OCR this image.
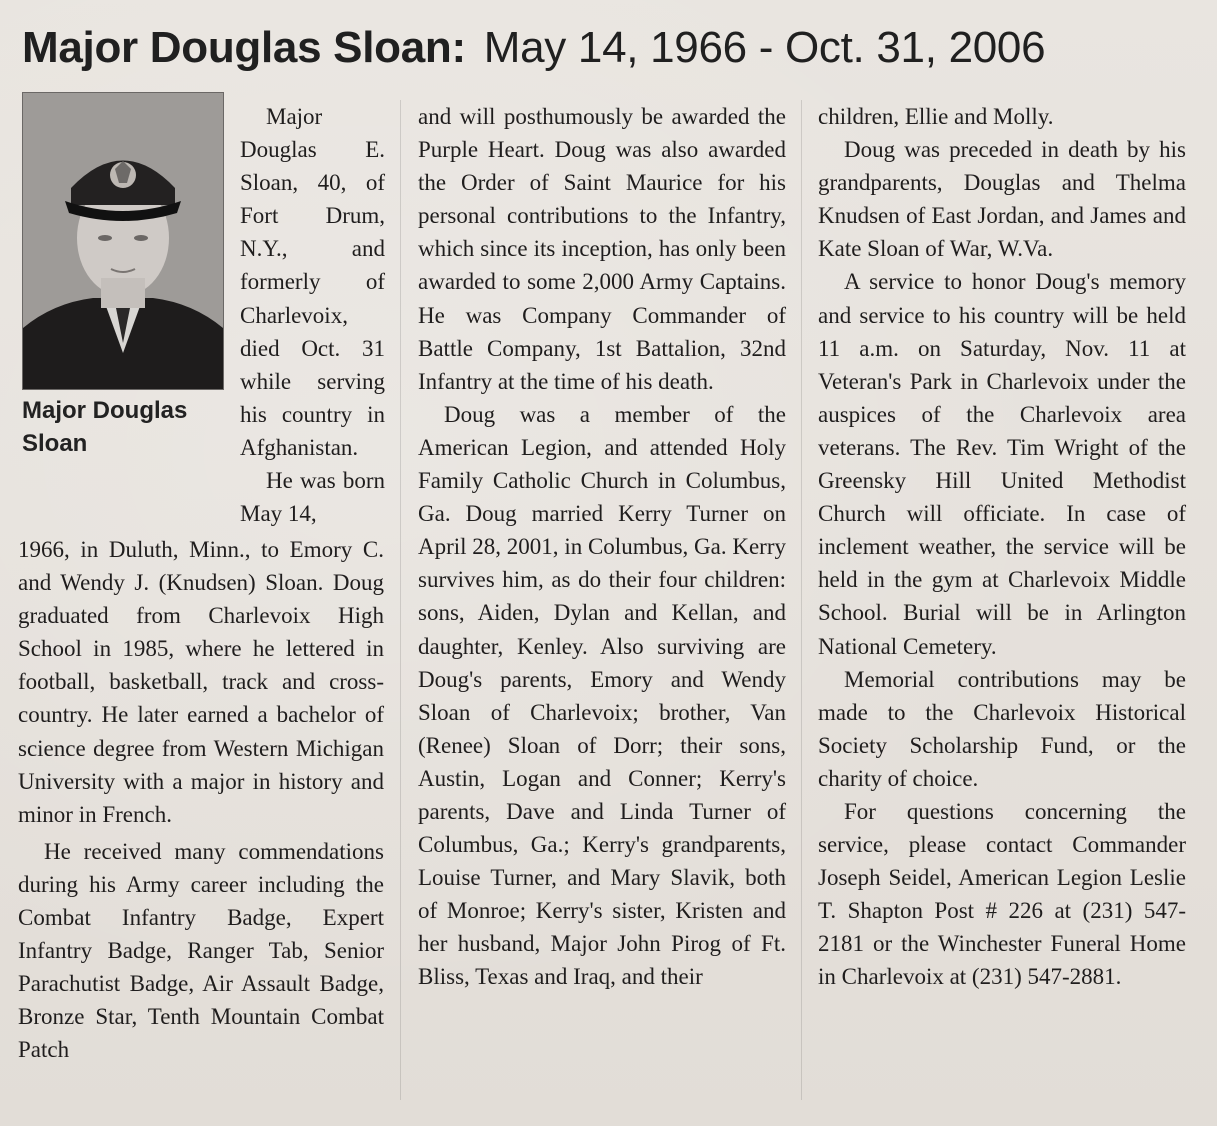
Major Douglas Sloan: May 14, 1966 - Oct. 31, 2006
Major Douglas Sloan

Major Douglas E. Sloan, 40, of Fort Drum, N.Y., and formerly of Charlevoix, died Oct. 31 while serving his country in Afghanistan.

He was born May 14,

1966, in Duluth, Minn., to Emory C. and Wendy J. (Knudsen) Sloan. Doug graduated from Charlevoix High School in 1985, where he lettered in football, basketball, track and cross-country. He later earned a bachelor of science degree from Western Michigan University with a major in history and minor in French.

He received many commendations during his Army career including the Combat Infantry Badge, Expert Infantry Badge, Ranger Tab, Senior Parachutist Badge, Air Assault Badge, Bronze Star, Tenth Mountain Combat Patch

and will posthumously be awarded the Purple Heart. Doug was also awarded the Order of Saint Maurice for his personal contributions to the Infantry, which since its inception, has only been awarded to some 2,000 Army Captains. He was Company Commander of Battle Company, 1st Battalion, 32nd Infantry at the time of his death.

Doug was a member of the American Legion, and attended Holy Family Catholic Church in Columbus, Ga. Doug married Kerry Turner on April 28, 2001, in Columbus, Ga. Kerry survives him, as do their four children: sons, Aiden, Dylan and Kellan, and daughter, Kenley. Also surviving are Doug's parents, Emory and Wendy Sloan of Charlevoix; brother, Van (Renee) Sloan of Dorr; their sons, Austin, Logan and Conner; Kerry's parents, Dave and Linda Turner of Columbus, Ga.; Kerry's grandparents, Louise Turner, and Mary Slavik, both of Monroe; Kerry's sister, Kristen and her husband, Major John Pirog of Ft. Bliss, Texas and Iraq, and their

children, Ellie and Molly.

Doug was preceded in death by his grandparents, Douglas and Thelma Knudsen of East Jordan, and James and Kate Sloan of War, W.Va.

A service to honor Doug's memory and service to his country will be held 11 a.m. on Saturday, Nov. 11 at Veteran's Park in Charlevoix under the auspices of the Charlevoix area veterans. The Rev. Tim Wright of the Greensky Hill United Methodist Church will officiate. In case of inclement weather, the service will be held in the gym at Charlevoix Middle School. Burial will be in Arlington National Cemetery.

Memorial contributions may be made to the Charlevoix Historical Society Scholarship Fund, or the charity of choice.

For questions concerning the service, please contact Commander Joseph Seidel, American Legion Leslie T. Shapton Post # 226 at (231) 547-2181 or the Winchester Funeral Home in Charlevoix at (231) 547-2881.
